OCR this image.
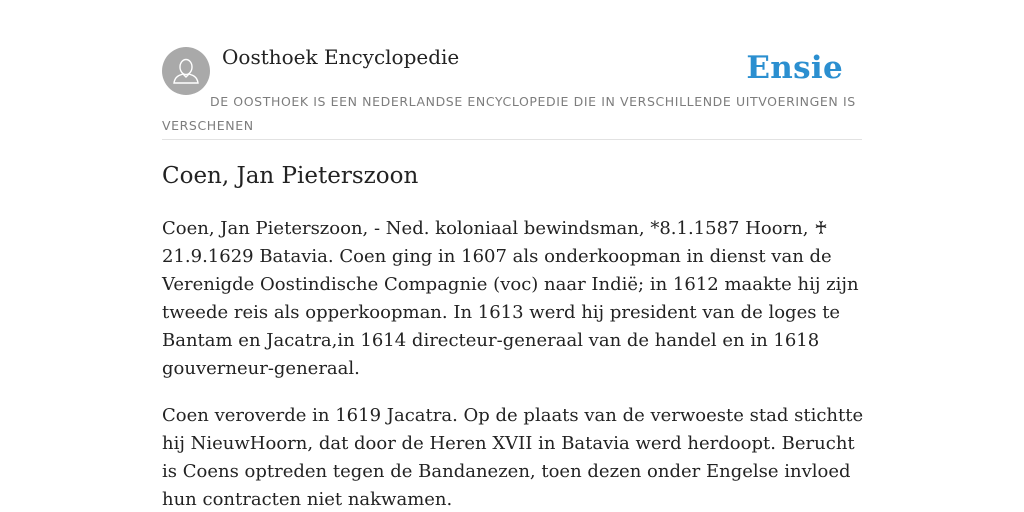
Oosthoek Encyclopedie	Ensie
DE OOSTHOEK IS EEN NEDERLANDSE ENCYCLOPEDIE DIE IN VERSCHILLENDE UITVOERINGEN IS VERSCHENEN
Coen, Jan Pieterszoon

Coen, Jan Pieterszoon, - Ned. koloniaal bewindsman, *8.1.1587 Hoorn, ♰ 21.9.1629 Batavia. Coen ging in 1607 als onderkoopman in dienst van de Verenigde Oostindische Compagnie (voc) naar Indië; in 1612 maakte hij zijn tweede reis als opperkoopman. In 1613 werd hij president van de loges te Bantam en Jacatra,in 1614 directeur-generaal van de handel en in 1618 gouverneur-generaal.

Coen veroverde in 1619 Jacatra. Op de plaats van de verwoeste stad stichtte hij NieuwHoorn, dat door de Heren XVII in Batavia werd herdoopt. Berucht is Coens optreden tegen de Bandanezen, toen dezen onder Engelse invloed hun contracten niet nakwamen.
